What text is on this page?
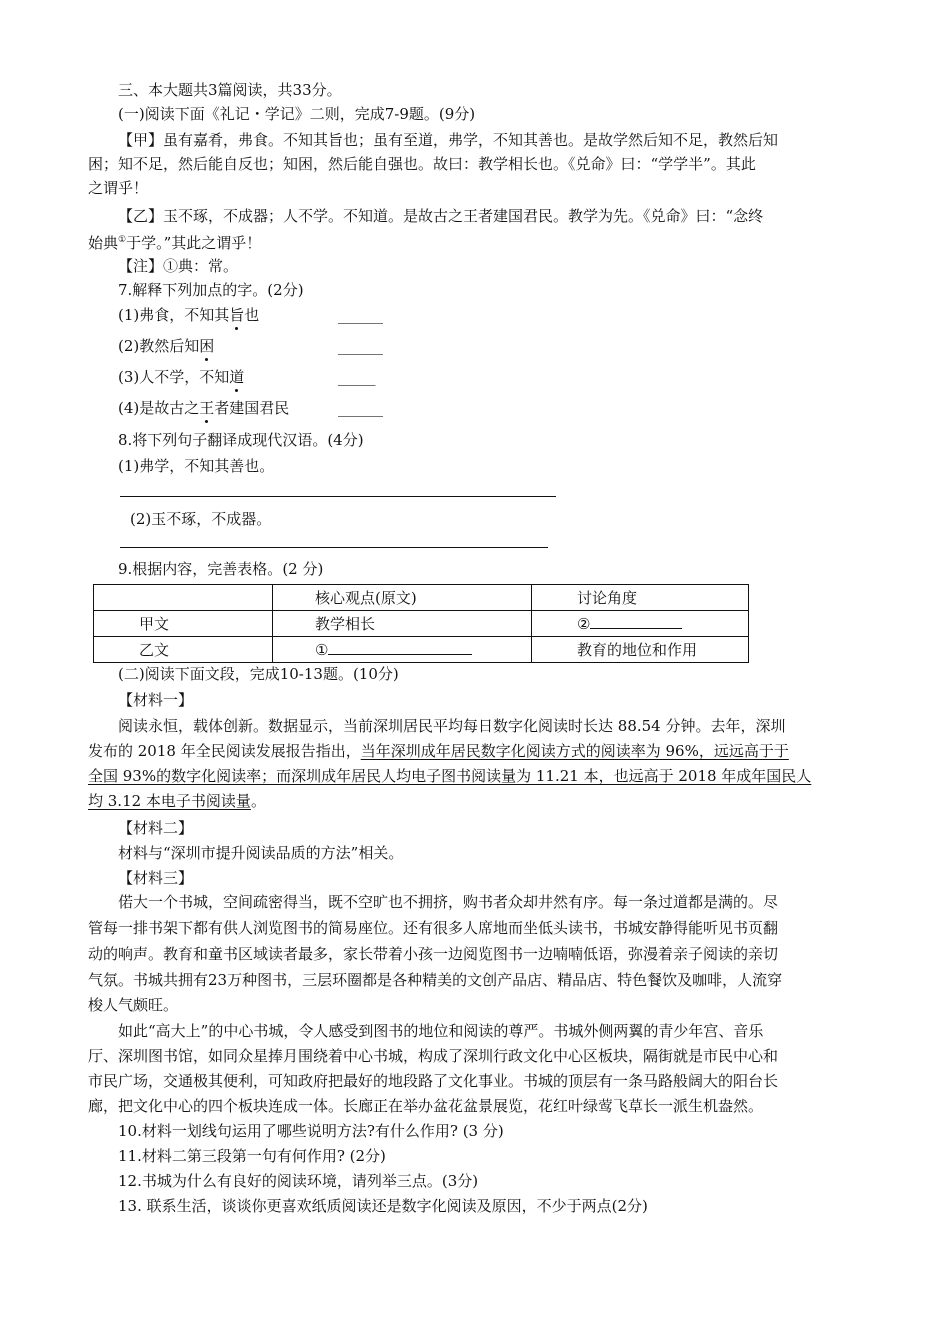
三、本大题共3篇阅读，共33分。
(一)阅读下面《礼记・学记》二则，完成7-9题。(9分)
【甲】虽有嘉肴，弗食。不知其旨也；虽有至道，弗学，不知其善也。是故学然后知不足，教然后知
困；知不足，然后能自反也；知困，然后能自强也。故曰：教学相长也。《兑命》曰：“学学半”。其此
之谓乎！
【乙】玉不琢，不成器；人不学。不知道。是故古之王者建国君民。教学为先。《兑命》曰：“念终
始典①于学。”其此之谓乎！
【注】①典：常。
7.解释下列加点的字。(2分)
(1)弗食，不知其旨也	______
(2)教然后知困	______
(3)人不学，不知道	_____
(4)是故古之王者建国君民	______
8.将下列句子翻译成现代汉语。(4分)
(1)弗学，不知其善也。
(2)玉不琢，不成器。
9.根据内容，完善表格。(2 分)
	核心观点(原文)	讨论角度
甲文	教学相长	②
乙文	①	教育的地位和作用
(二)阅读下面文段，完成10-13题。(10分)
【材料一】
阅读永恒，载体创新。数据显示，当前深圳居民平均每日数字化阅读时长达 88.54 分钟。去年，深圳
发布的 2018 年全民阅读发展报告指出，当年深圳成年居民数字化阅读方式的阅读率为 96%，远远高于于
全国 93%的数字化阅读率；而深圳成年居民人均电子图书阅读量为 11.21 本，也远高于 2018 年成年国民人
均 3.12 本电子书阅读量。
【材料二】
材料与“深圳市提升阅读品质的方法”相关。
【材料三】
偌大一个书城，空间疏密得当，既不空旷也不拥挤，购书者众却井然有序。每一条过道都是满的。尽
管每一排书架下都有供人浏览图书的简易座位。还有很多人席地而坐低头读书，书城安静得能听见书页翻
动的响声。教育和童书区域读者最多，家长带着小孩一边阅览图书一边喃喃低语，弥漫着亲子阅读的亲切
气氛。书城共拥有23万种图书，三层环圈都是各种精美的文创产品店、精品店、特色餐饮及咖啡，人流穿
梭人气颇旺。
如此“高大上”的中心书城，令人感受到图书的地位和阅读的尊严。书城外侧两翼的青少年宫、音乐
厅、深圳图书馆，如同众星捧月围绕着中心书城，构成了深圳行政文化中心区板块，隔街就是市民中心和
市民广场，交通极其便利，可知政府把最好的地段路了文化事业。书城的顶层有一条马路般阔大的阳台长
廊，把文化中心的四个板块连成一体。长廊正在举办盆花盆景展览，花红叶绿莺飞草长一派生机盎然。
10.材料一划线句运用了哪些说明方法?有什么作用? (3 分)
11.材料二第三段第一句有何作用? (2分)
12.书城为什么有良好的阅读环境，请列举三点。(3分)
13. 联系生活，谈谈你更喜欢纸质阅读还是数字化阅读及原因，不少于两点(2分)
